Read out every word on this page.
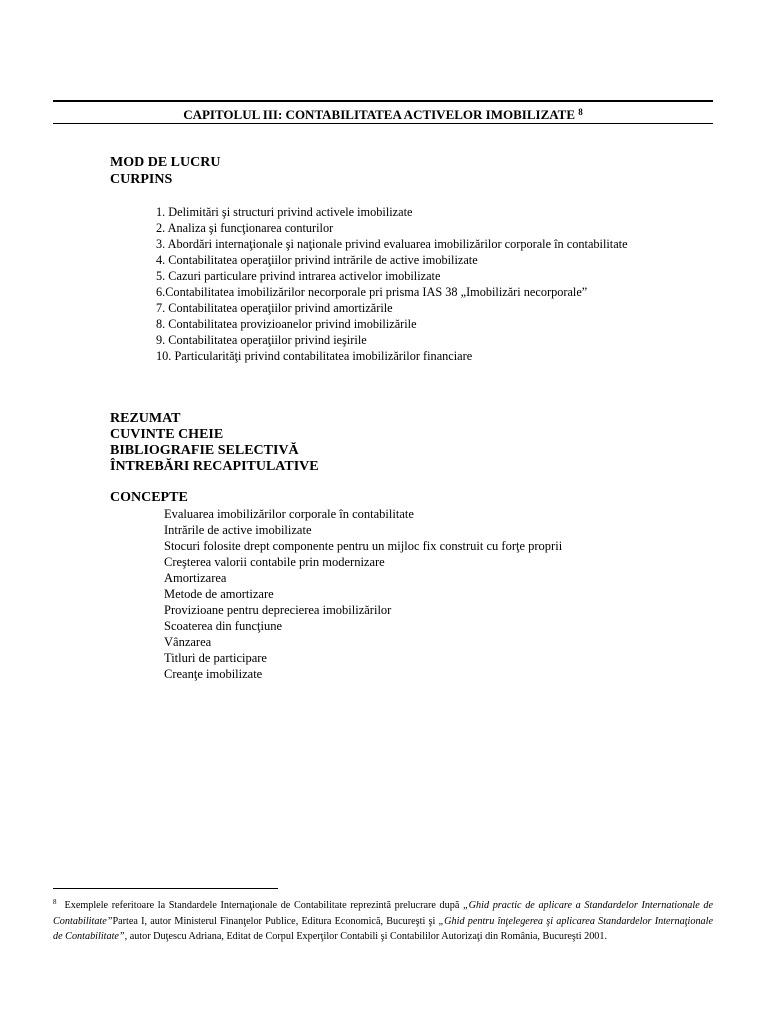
CAPITOLUL III: CONTABILITATEA ACTIVELOR IMOBILIZATE $^8$
MOD DE LUCRU
CURPINS
1. Delimitări şi structuri privind activele imobilizate
2. Analiza şi funcţionarea conturilor
3. Abordări internaţionale şi naţionale privind evaluarea imobilizărilor corporale în contabilitate
4. Contabilitatea operaţiilor privind intrările de active imobilizate
5. Cazuri particulare privind intrarea activelor imobilizate
6.Contabilitatea imobilizărilor necorporale pri prisma IAS 38 „Imobilizări necorporale”
7. Contabilitatea operaţiilor privind amortizările
8. Contabilitatea provizioanelor privind imobilizările
9. Contabilitatea operaţiilor privind ieşirile
10. Particularităţi privind contabilitatea imobilizărilor financiare
REZUMAT
CUVINTE CHEIE
BIBLIOGRAFIE SELECTIVĂ
ÎNTREBĂRI RECAPITULATIVE
CONCEPTE
Evaluarea imobilizărilor corporale în contabilitate
Intrările de active imobilizate
Stocuri folosite drept componente pentru un mijloc fix construit cu forţe proprii
Creşterea valorii contabile prin modernizare
Amortizarea
Metode de amortizare
Provizioane pentru deprecierea imobilizărilor
Scoaterea din funcţiune
Vânzarea
Titluri de participare
Creanţe imobilizate
$^8$ Exemplele referitoare la Standardele Internaţionale de Contabilitate reprezintă prelucrare după „Ghid practic de aplicare a Standardelor Internationale de Contabilitate”Partea I, autor Ministerul Finanţelor Publice, Editura Economică, Bucureşti şi „Ghid pentru înţelegerea şi aplicarea Standardelor Internaţionale de Contabilitate”, autor Duţescu Adriana, Editat de Corpul Experţilor Contabili şi Contabililor Autorizaţi din România, Bucureşti 2001.
